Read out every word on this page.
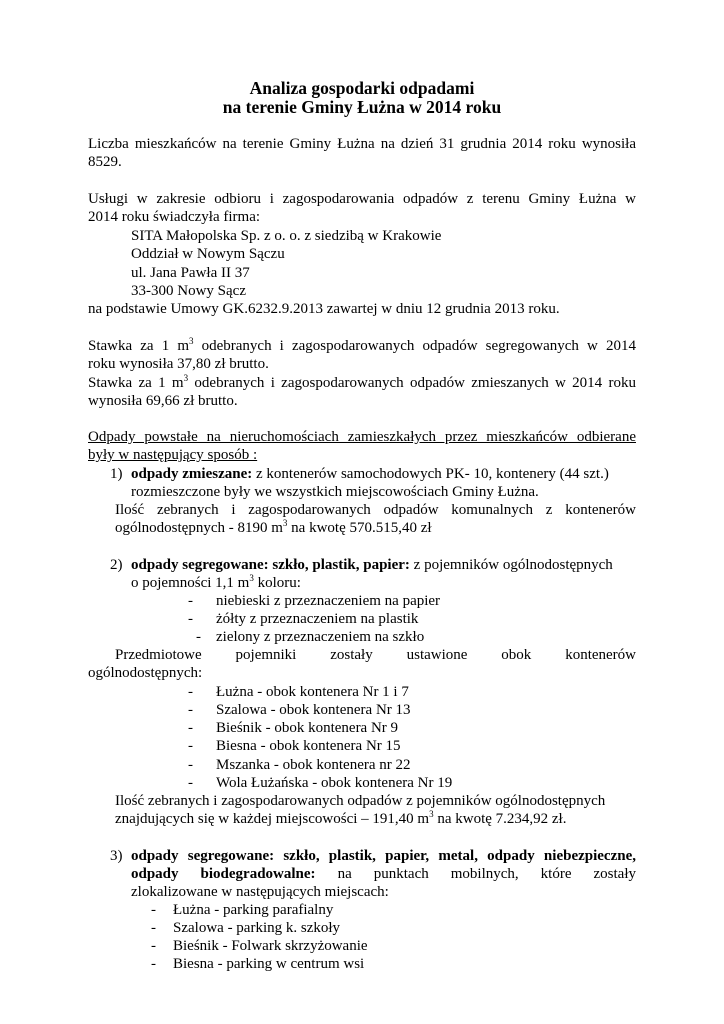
Analiza gospodarki odpadami
na terenie Gminy Łużna w 2014 roku
Liczba mieszkańców na terenie Gminy Łużna na dzień 31 grudnia 2014 roku wynosiła 8529.
Usługi w zakresie odbioru i zagospodarowania odpadów z terenu Gminy Łużna w
2014 roku świadczyła firma:
SITA Małopolska Sp. z o. o. z siedzibą w Krakowie
Oddział w Nowym Sączu
ul. Jana Pawła II 37
33-300 Nowy Sącz
na podstawie Umowy GK.6232.9.2013 zawartej w dniu 12 grudnia 2013 roku.
Stawka za 1 $m^3$ odebranych i zagospodarowanych odpadów segregowanych w 2014
roku wynosiła 37,80 zł brutto.
Stawka za 1 $m^3$ odebranych i zagospodarowanych odpadów zmieszanych w 2014 roku
wynosiła 69,66 zł brutto.
Odpady powstałe na nieruchomościach zamieszkałych przez mieszkańców odbierane
były w następujący sposób :
1) odpady zmieszane: z kontenerów samochodowych PK- 10, kontenery (44 szt.)
rozmieszczone były we wszystkich miejscowościach Gminy Łużna.
Ilość zebranych i zagospodarowanych odpadów komunalnych z kontenerów
ogólnodostępnych - 8190 $m^3$ na kwotę 570.515,40 zł
2) odpady segregowane: szkło, plastik, papier: z pojemników ogólnodostępnych
o pojemności 1,1 $m^3$ koloru:
- niebieski z przeznaczeniem na papier
- żółty z przeznaczeniem na plastik
- zielony z przeznaczeniem na szkło
Przedmiotowe pojemniki zostały ustawione obok kontenerów
ogólnodostępnych:
- Łużna - obok kontenera Nr 1 i 7
- Szalowa - obok kontenera Nr 13
- Bieśnik - obok kontenera Nr 9
- Biesna - obok kontenera Nr 15
- Mszanka - obok kontenera nr 22
- Wola Łużańska - obok kontenera Nr 19
Ilość zebranych i zagospodarowanych odpadów z pojemników ogólnodostępnych
znajdujących się w każdej miejscowości – 191,40 $m^3$ na kwotę 7.234,92 zł.
3) odpady segregowane: szkło, plastik, papier, metal, odpady niebezpieczne,
odpady biodegradowalne: na punktach mobilnych, które zostały
zlokalizowane w następujących miejscach:
- Łużna - parking parafialny
- Szalowa - parking k. szkoły
- Bieśnik - Folwark skrzyżowanie
- Biesna - parking w centrum wsi
